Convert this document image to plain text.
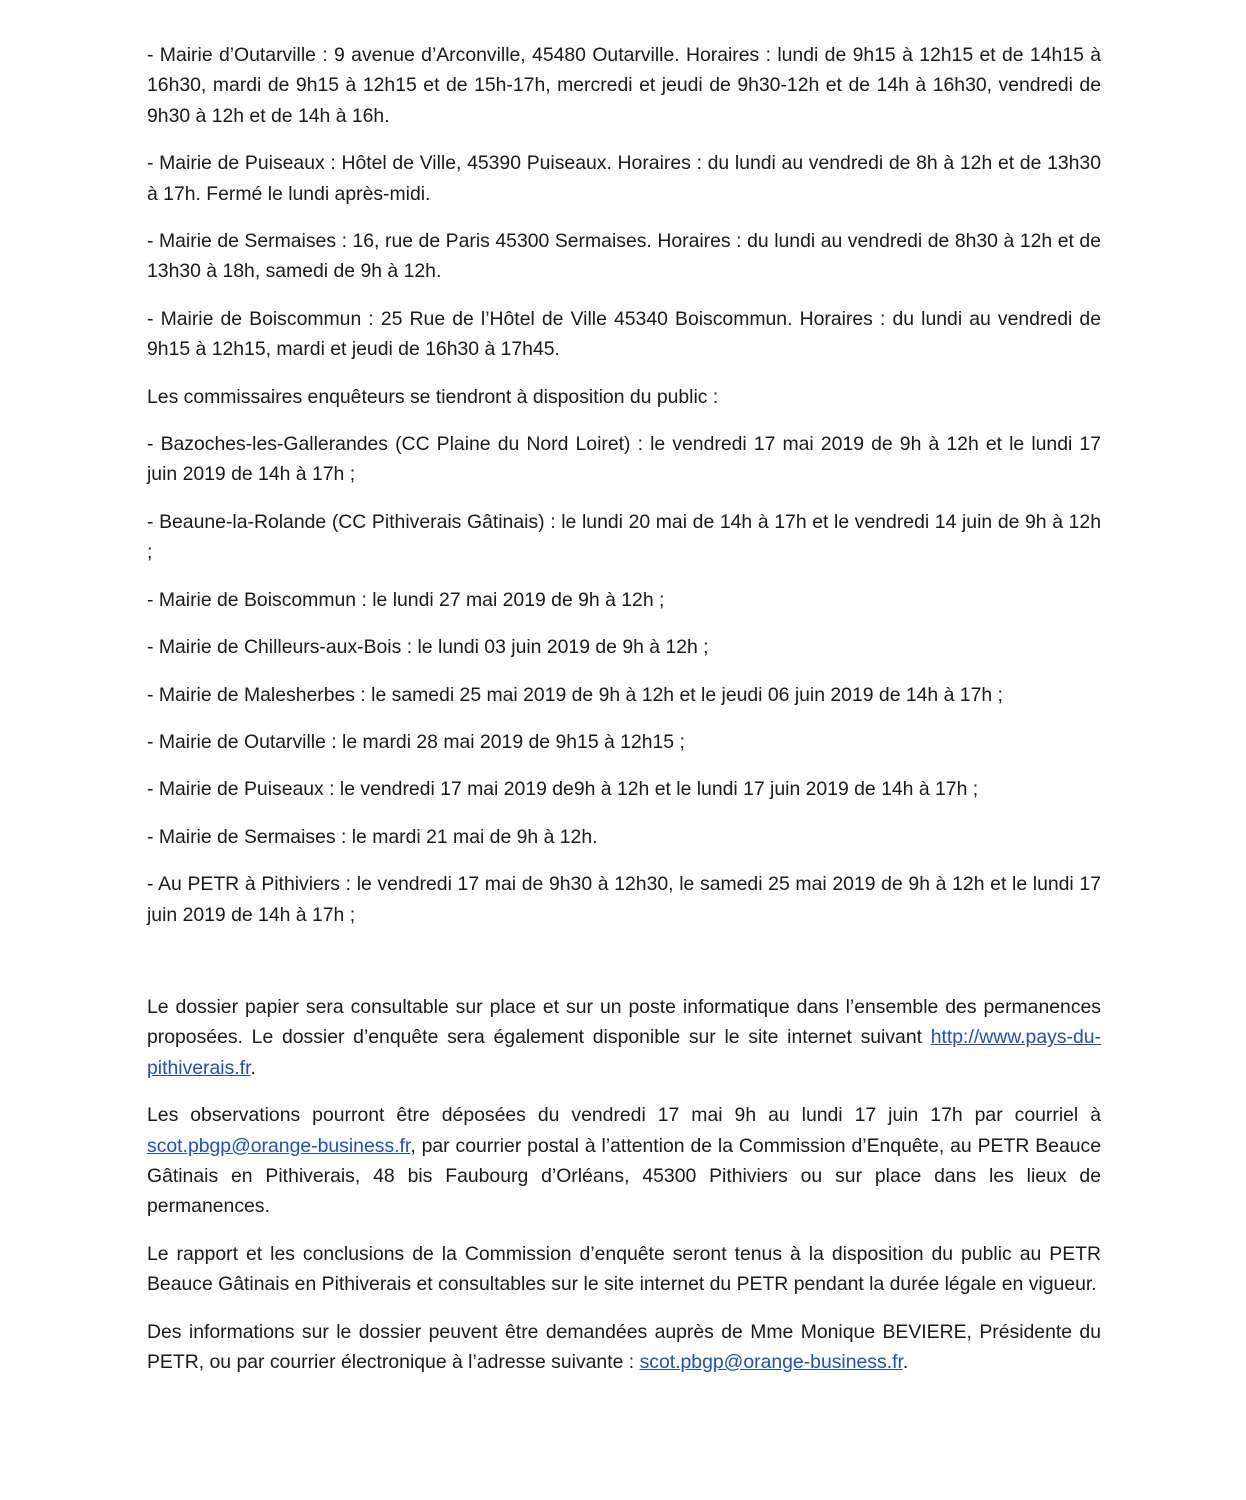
- Mairie d’Outarville : 9 avenue d’Arconville, 45480 Outarville. Horaires : lundi de 9h15 à 12h15 et de 14h15 à 16h30, mardi de 9h15 à 12h15 et de 15h-17h, mercredi et jeudi de 9h30-12h et de 14h à 16h30, vendredi de 9h30 à 12h et de 14h à 16h.

- Mairie de Puiseaux : Hôtel de Ville, 45390 Puiseaux. Horaires : du lundi au vendredi de 8h à 12h et de 13h30 à 17h. Fermé le lundi après-midi.

- Mairie de Sermaises : 16, rue de Paris 45300 Sermaises. Horaires : du lundi au vendredi de 8h30 à 12h et de 13h30 à 18h, samedi de 9h à 12h.

- Mairie de Boiscommun : 25 Rue de l’Hôtel de Ville 45340 Boiscommun. Horaires : du lundi au vendredi de 9h15 à 12h15, mardi et jeudi de 16h30 à 17h45.

Les commissaires enquêteurs se tiendront à disposition du public :

- Bazoches-les-Gallerandes (CC Plaine du Nord Loiret) : le vendredi 17 mai 2019 de 9h à 12h et le lundi 17 juin 2019 de 14h à 17h ;

- Beaune-la-Rolande (CC Pithiverais Gâtinais) : le lundi 20 mai de 14h à 17h et le vendredi 14 juin de 9h à 12h ;

- Mairie de Boiscommun : le lundi 27 mai 2019 de 9h à 12h ;

- Mairie de Chilleurs-aux-Bois : le lundi 03 juin 2019 de 9h à 12h ;

- Mairie de Malesherbes : le samedi 25 mai 2019 de 9h à 12h et le jeudi 06 juin 2019 de 14h à 17h ;

- Mairie de Outarville : le mardi 28 mai 2019 de 9h15 à 12h15 ;

- Mairie de Puiseaux : le vendredi 17 mai 2019 de9h à 12h et le lundi 17 juin 2019 de 14h à 17h ;

- Mairie de Sermaises : le mardi 21 mai de 9h à 12h.

- Au PETR à Pithiviers : le vendredi 17 mai de 9h30 à 12h30, le samedi 25 mai 2019 de 9h à 12h et le lundi 17 juin 2019 de 14h à 17h ;

Le dossier papier sera consultable sur place et sur un poste informatique dans l’ensemble des permanences proposées. Le dossier d’enquête sera également disponible sur le site internet suivant http://www.pays-du-pithiverais.fr.

Les observations pourront être déposées du vendredi 17 mai 9h au lundi 17 juin 17h par courriel à scot.pbgp@orange-business.fr, par courrier postal à l’attention de la Commission d’Enquête, au PETR Beauce Gâtinais en Pithiverais, 48 bis Faubourg d’Orléans, 45300 Pithiviers ou sur place dans les lieux de permanences.

Le rapport et les conclusions de la Commission d’enquête seront tenus à la disposition du public au PETR Beauce Gâtinais en Pithiverais et consultables sur le site internet du PETR pendant la durée légale en vigueur.

Des informations sur le dossier peuvent être demandées auprès de Mme Monique BEVIERE, Présidente du PETR, ou par courrier électronique à l’adresse suivante : scot.pbgp@orange-business.fr.
